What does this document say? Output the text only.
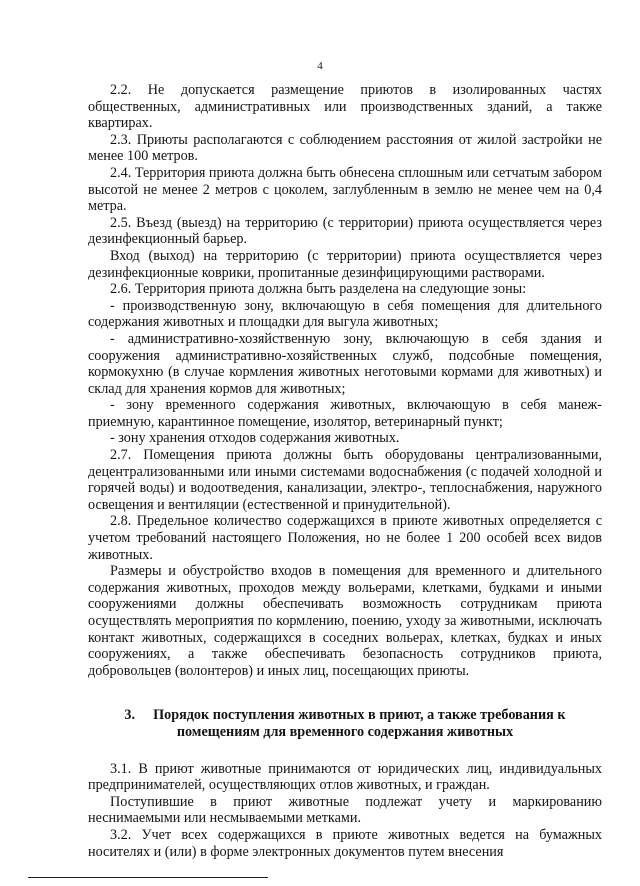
4

2.2. Не допускается размещение приютов в изолированных частях общественных, административных или производственных зданий, а также квартирах.

2.3. Приюты располагаются с соблюдением расстояния от жилой застройки не менее 100 метров.

2.4. Территория приюта должна быть обнесена сплошным или сетчатым забором высотой не менее 2 метров с цоколем, заглубленным в землю не менее чем на 0,4 метра.

2.5. Въезд (выезд) на территорию (с территории) приюта осуществляется через дезинфекционный барьер.

Вход (выход) на территорию (с территории) приюта осуществляется через дезинфекционные коврики, пропитанные дезинфицирующими растворами.

2.6. Территория приюта должна быть разделена на следующие зоны:

- производственную зону, включающую в себя помещения для длительного содержания животных и площадки для выгула животных;

- административно-хозяйственную зону, включающую в себя здания и сооружения административно-хозяйственных служб, подсобные помещения, кормокухню (в случае кормления животных неготовыми кормами для животных) и склад для хранения кормов для животных;

- зону временного содержания животных, включающую в себя манеж-приемную, карантинное помещение, изолятор, ветеринарный пункт;

- зону хранения отходов содержания животных.

2.7. Помещения приюта должны быть оборудованы централизованными, децентрализованными или иными системами водоснабжения (с подачей холодной и горячей воды) и водоотведения, канализации, электро-, теплоснабжения, наружного освещения и вентиляции (естественной и принудительной).

2.8. Предельное количество содержащихся в приюте животных определяется с учетом требований настоящего Положения, но не более 1 200 особей всех видов животных.

Размеры и обустройство входов в помещения для временного и длительного содержания животных, проходов между вольерами, клетками, будками и иными сооружениями должны обеспечивать возможность сотрудникам приюта осуществлять мероприятия по кормлению, поению, уходу за животными, исключать контакт животных, содержащихся в соседних вольерах, клетках, будках и иных сооружениях, а также обеспечивать безопасность сотрудников приюта, добровольцев (волонтеров) и иных лиц, посещающих приюты.

3. Порядок поступления животных в приют, а также требования к помещениям для временного содержания животных

3.1. В приют животные принимаются от юридических лиц, индивидуальных предпринимателей, осуществляющих отлов животных, и граждан.

Поступившие в приют животные подлежат учету и маркированию неснимаемыми или несмываемыми метками.

3.2. Учет всех содержащихся в приюте животных ведется на бумажных носителях и (или) в форме электронных документов путем внесения
